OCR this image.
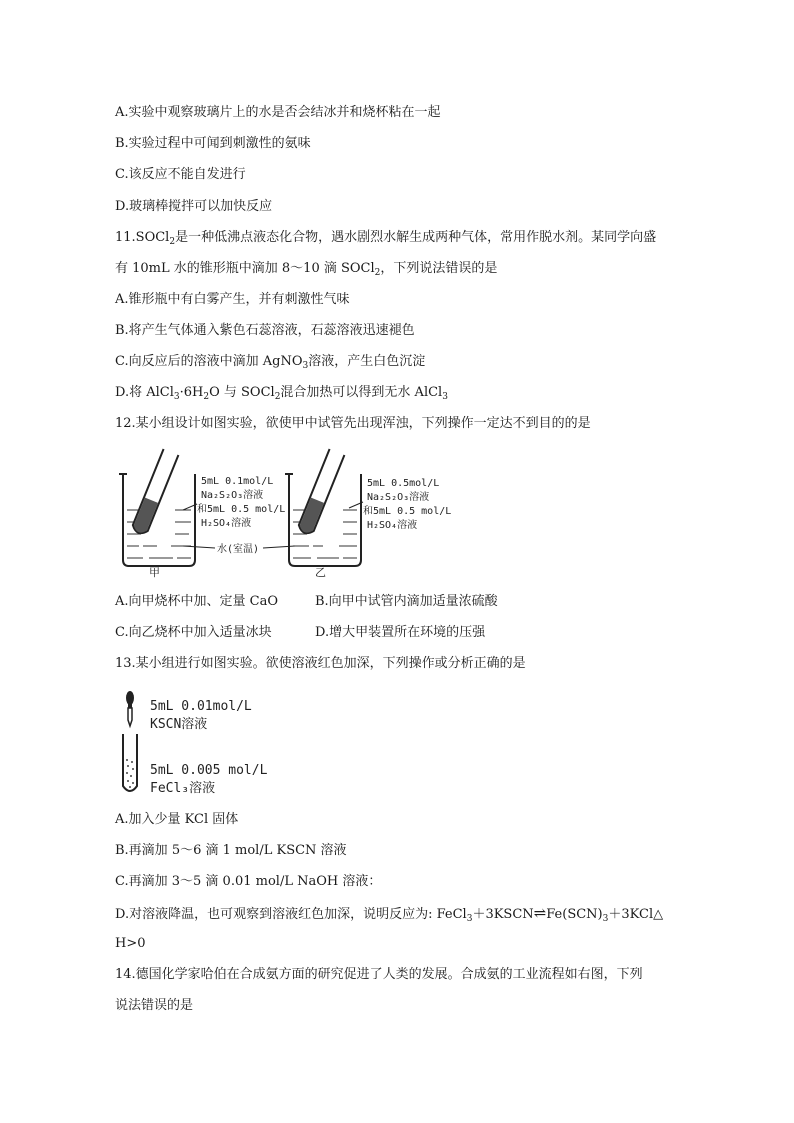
A.实验中观察玻璃片上的水是否会结冰并和烧杯粘在一起
B.实验过程中可闻到刺激性的氨味
C.该反应不能自发进行
D.玻璃棒搅拌可以加快反应
11.SOCl$_2$是一种低沸点液态化合物，遇水剧烈水解生成两种气体，常用作脱水剂。某同学向盛
有 10mL 水的锥形瓶中滴加 8～10 滴 SOCl$_2$，下列说法错误的是
A.锥形瓶中有白雾产生，并有刺激性气味
B.将产生气体通入紫色石蕊溶液，石蕊溶液迅速褪色
C.向反应后的溶液中滴加 AgNO$_3$溶液，产生白色沉淀
D.将 $AlCl_3\cdot 6H_2O$ 与 SOCl$_2$混合加热可以得到无水 AlCl$_3$
12.某小组设计如图实验，欲使甲中试管先出现浑浊，下列操作一定达不到目的的是
5mL 0.1mol/L
Na₂S₂O₃溶液
和5mL 0.5 mol/L
H₂SO₄溶液
5mL 0.5mol/L
Na₂S₂O₃溶液
和5mL 0.5 mol/L
H₂SO₄溶液
水(室温)
甲	乙
A.向甲烧杯中加、定量 CaO	B.向甲中试管内滴加适量浓硫酸
C.向乙烧杯中加入适量冰块	D.增大甲装置所在环境的压强
13.某小组进行如图实验。欲使溶液红色加深，下列操作或分析正确的是
5mL 0.01mol/L
KSCN溶液
5mL 0.005 mol/L
FeCl₃溶液
A.加入少量 KCl 固体
B.再滴加 5～6 滴 1 mol/L KSCN 溶液
C.再滴加 3～5 滴 0.01 mol/L NaOH 溶液：
D.对溶液降温，也可观察到溶液红色加深，说明反应为: $FeCl_3+3KSCN\rightleftharpoons Fe(SCN)_3+3KCl\triangle$
H>0
14.德国化学家哈伯在合成氨方面的研究促进了人类的发展。合成氨的工业流程如右图，下列
说法错误的是
